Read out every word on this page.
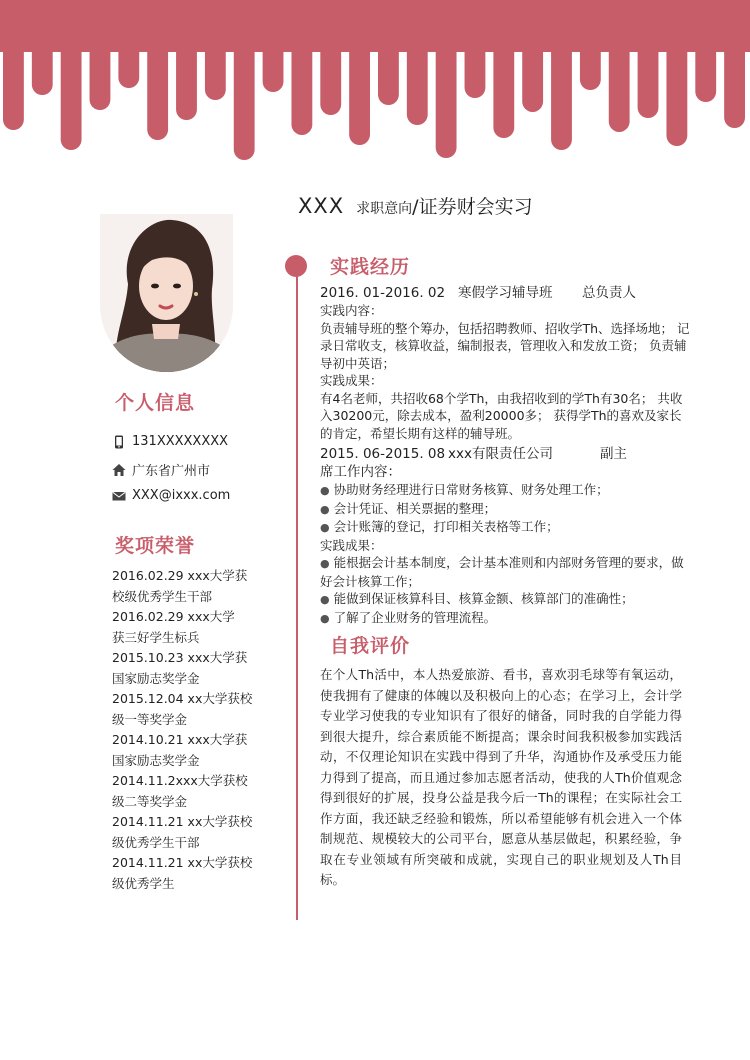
XXX 求职意向 /证券财会实习
个人信息
131XXXXXXXX
广东省广州市
XXX@ixxx.com
奖项荣誉
2016.02.29 xxx大学获
校级优秀学生干部
2016.02.29 xxx大学
获三好学生标兵
2015.10.23 xxx大学获
国家励志奖学金
2015.12.04 xx大学获校
级一等奖学金
2014.10.21 xxx大学获
国家励志奖学金
2014.11.2xxx大学获校
级二等奖学金
2014.11.21 xx大学获校
级优秀学生干部
2014.11.21 xx大学获校
级优秀学生
实践经历
2016. 01-2016. 02 寒假学习辅导班 总负责人
实践内容：
负责辅导班的整个筹办，包括招聘教师、招收学Th、选择场地； 记录日常收支，核算收益，编制报表，管理收入和发放工资； 负责辅导初中英语；
实践成果：
有4名老师，共招收68个学Th，由我招收到的学Th有30名； 共收入30200元，除去成本，盈利20000多； 获得学Th的喜欢及家长的肯定，希望长期有这样的辅导班。
2015. 06-2015. 08 xxx有限责任公司	副主
席工作内容：
● 协助财务经理进行日常财务核算、财务处理工作；
● 会计凭证、相关票据的整理；
● 会计账簿的登记，打印相关表格等工作；
实践成果：
● 能根据会计基本制度，会计基本准则和内部财务管理的要求，做好会计核算工作；
● 能做到保证核算科目、核算金额、核算部门的准确性；
● 了解了企业财务的管理流程。
自我评价
在个人Th活中，本人热爱旅游、看书，喜欢羽毛球等有氧运动，使我拥有了健康的体魄以及积极向上的心态；在学习上，会计学专业学习使我的专业知识有了很好的储备，同时我的自学能力得到很大提升，综合素质能不断提高；课余时间我积极参加实践活动，不仅理论知识在实践中得到了升华，沟通协作及承受压力能力得到了提高，而且通过参加志愿者活动，使我的人Th价值观念得到很好的扩展，投身公益是我今后一Th的课程；在实际社会工作方面，我还缺乏经验和锻炼，所以希望能够有机会进入一个体制规范、规模较大的公司平台，愿意从基层做起，积累经验，争取在专业领域有所突破和成就，实现自己的职业规划及人Th目标。
